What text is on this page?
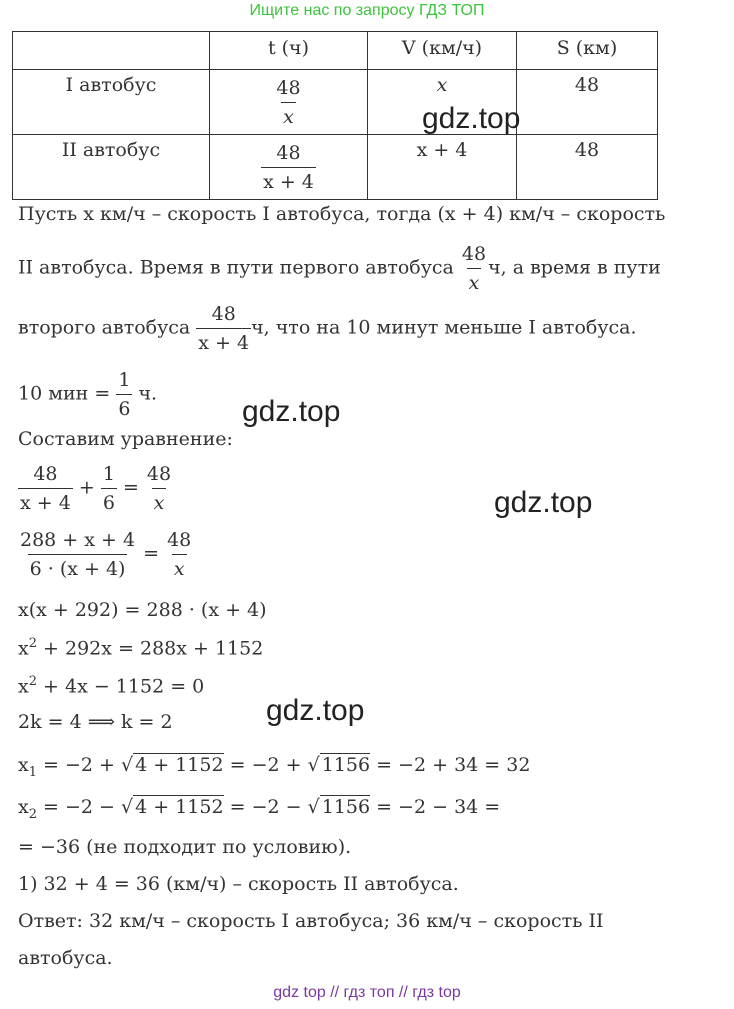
Ищите нас по запросу ГДЗ ТОП
	t (ч)	V (км/ч)	S (км)
I автобус	$\frac{48}{x}$	x	48
II автобус	$\frac{48}{x + 4}$	x + 4	48
Пусть x км/ч – скорость I автобуса, тогда (x + 4) км/ч – скорость
II автобуса. Время в пути первого автобуса $\frac{48}{x} ч$, а время в пути
второго автобуса $\frac{48}{x + 4} ч$, что на 10 минут меньше I автобуса.
10 мин = $\frac{1}{6} ч$.
Составим уравнение:
$\frac{48}{x + 4} + \frac{1}{6} = \frac{48}{x}$
$\frac{288 + x + 4}{6 \cdot (x + 4)} = \frac{48}{x}$
x(x + 292) = 288 · (x + 4)
$x^2 + 292x = 288x + 1152$
$x^2 + 4x - 1152 = 0$
2k = 4 ⟹ k = 2
$x_1 = -2$ + √ 4 + 1152 = −2 + √ 1156 = −2 + 34 = 32
$x_2 = -2$ − √ 4 + 1152 = −2 − √ 1156 = −2 − 34 =
= −36 (не подходит по условию).
1) 32 + 4 = 36 (км/ч) – скорость II автобуса.
Ответ: 32 км/ч – скорость I автобуса; 36 км/ч – скорость II
автобуса.
gdz.top
gdz.top
gdz.top
gdz.top
gdz top // гдз топ // гдз top
